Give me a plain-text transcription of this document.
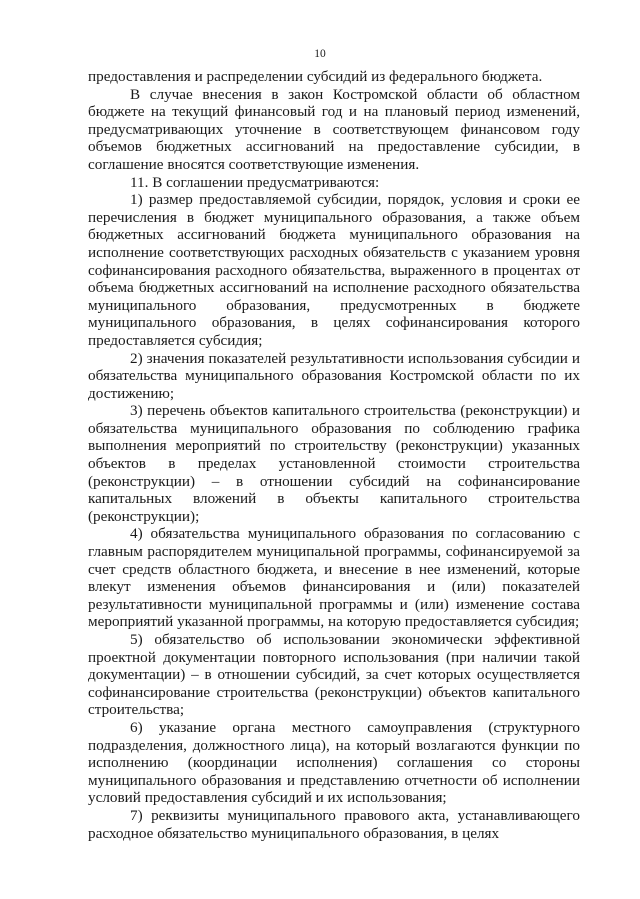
10

предоставления и распределении субсидий из федерального бюджета.

В случае внесения в закон Костромской области об областном бюджете на текущий финансовый год и на плановый период изменений, предусматривающих уточнение в соответствующем финансовом году объемов бюджетных ассигнований на предоставление субсидии, в соглашение вносятся соответствующие изменения.

11. В соглашении предусматриваются:

1) размер предоставляемой субсидии, порядок, условия и сроки ее перечисления в бюджет муниципального образования, а также объем бюджетных ассигнований бюджета муниципального образования на исполнение соответствующих расходных обязательств с указанием уровня софинансирования расходного обязательства, выраженного в процентах от объема бюджетных ассигнований на исполнение расходного обязательства муниципального образования, предусмотренных в бюджете муниципального образования, в целях софинансирования которого предоставляется субсидия;

2) значения показателей результативности использования субсидии и обязательства муниципального образования Костромской области по их достижению;

3) перечень объектов капитального строительства (реконструкции) и обязательства муниципального образования по соблюдению графика выполнения мероприятий по строительству (реконструкции) указанных объектов в пределах установленной стоимости строительства (реконструкции) – в отношении субсидий на софинансирование капитальных вложений в объекты капитального строительства (реконструкции);

4) обязательства муниципального образования по согласованию с главным распорядителем муниципальной программы, софинансируемой за счет средств областного бюджета, и внесение в нее изменений, которые влекут изменения объемов финансирования и (или) показателей результативности муниципальной программы и (или) изменение состава мероприятий указанной программы, на которую предоставляется субсидия;

5) обязательство об использовании экономически эффективной проектной документации повторного использования (при наличии такой документации) – в отношении субсидий, за счет которых осуществляется софинансирование строительства (реконструкции) объектов капитального строительства;

6) указание органа местного самоуправления (структурного подразделения, должностного лица), на который возлагаются функции по исполнению (координации исполнения) соглашения со стороны муниципального образования и представлению отчетности об исполнении условий предоставления субсидий и их использования;

7) реквизиты муниципального правового акта, устанавливающего расходное обязательство муниципального образования, в целях
